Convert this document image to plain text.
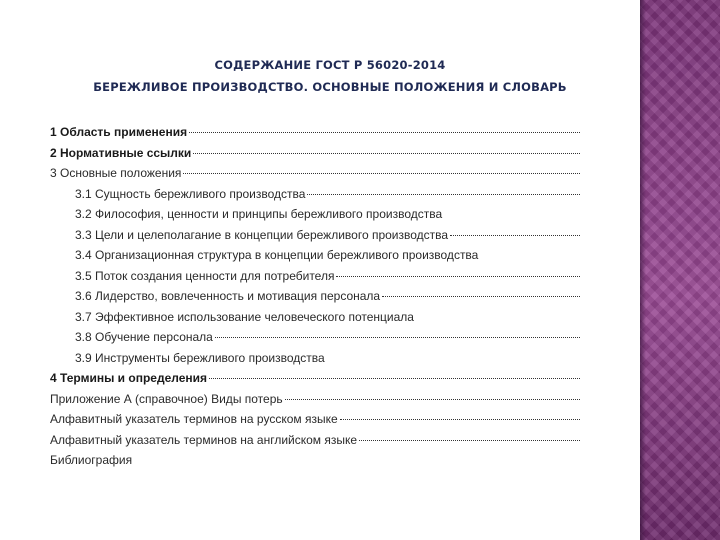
СОДЕРЖАНИЕ ГОСТ Р 56020-2014
БЕРЕЖЛИВОЕ ПРОИЗВОДСТВО. ОСНОВНЫЕ ПОЛОЖЕНИЯ И СЛОВАРЬ
1 Область применения
2 Нормативные ссылки
3 Основные положения
3.1 Сущность бережливого производства
3.2 Философия, ценности и принципы бережливого производства
3.3 Цели и целеполагание в концепции бережливого производства
3.4 Организационная структура в концепции бережливого производства
3.5 Поток создания ценности для потребителя
3.6 Лидерство, вовлеченность и мотивация персонала
3.7 Эффективное использование человеческого потенциала
3.8 Обучение персонала
3.9 Инструменты бережливого производства
4 Термины и определения
Приложение А (справочное) Виды потерь
Алфавитный указатель терминов на русском языке
Алфавитный указатель терминов на английском языке
Библиография
